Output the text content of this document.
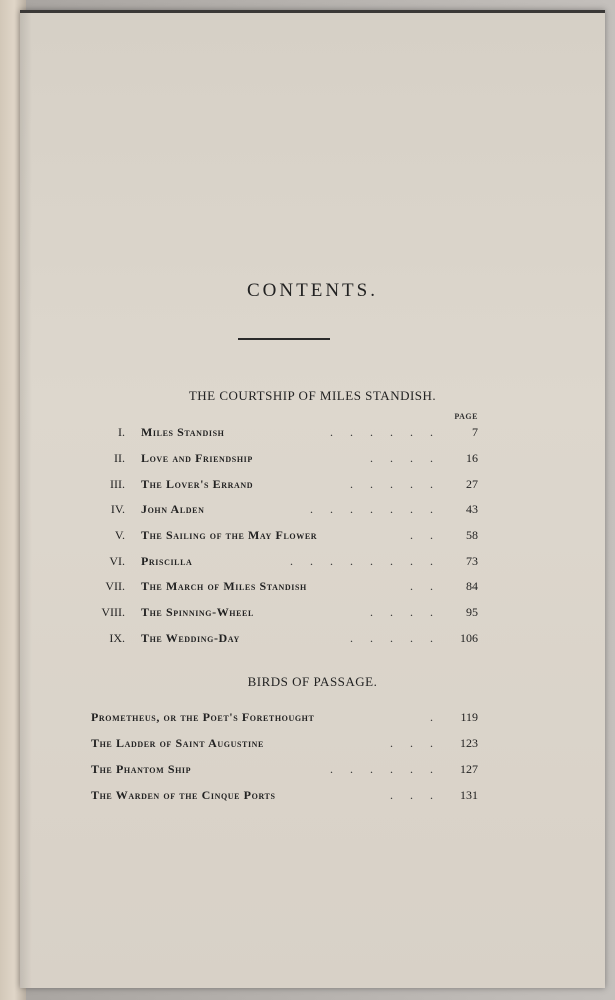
CONTENTS.
THE COURTSHIP OF MILES STANDISH.
PAGE
I. Miles Standish	. . . . . .	7
II. Love and Friendship	. . . .	16
III. The Lover's Errand	. . . . .	27
IV. John Alden	. . . . . . .	43
V. The Sailing of the May Flower	. .	58
VI. Priscilla	. . . . . . . .	73
VII. The March of Miles Standish	. .	84
VIII. The Spinning-Wheel	. . . .	95
IX. The Wedding-Day	. . . . .	106
BIRDS OF PASSAGE.
Prometheus, or the Poet's Forethought	.	119
The Ladder of Saint Augustine	. . .	123
The Phantom Ship	. . . . . .	127
The Warden of the Cinque Ports	. . .	131
